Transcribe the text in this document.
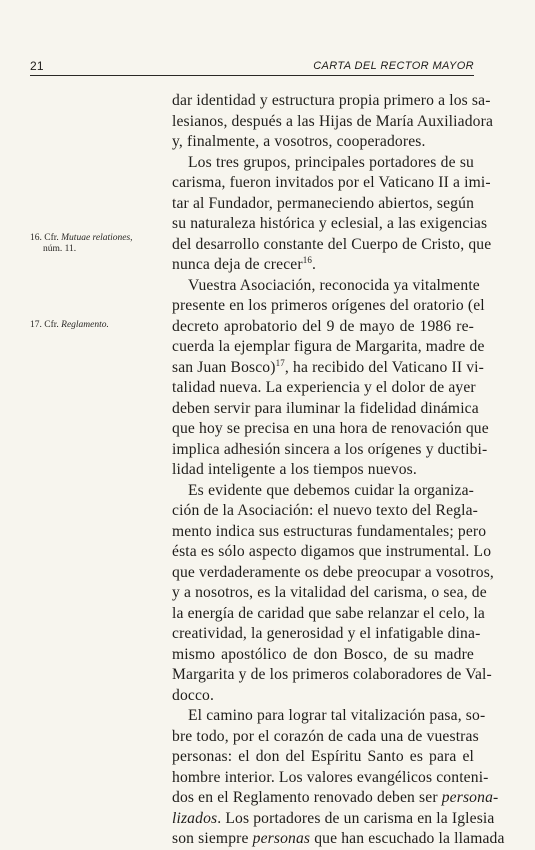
21	CARTA DEL RECTOR MAYOR
16. Cfr. Mutuae relationes,
núm. 11.
17. Cfr. Reglamento.
dar identidad y estructura propia primero a los sa-
lesianos, después a las Hijas de María Auxiliadora
y, finalmente, a vosotros, cooperadores.
Los tres grupos, principales portadores de su
carisma, fueron invitados por el Vaticano II a imi-
tar al Fundador, permaneciendo abiertos, según
su naturaleza histórica y eclesial, a las exigencias
del desarrollo constante del Cuerpo de Cristo, que
nunca deja de crecer$^{16}$.
Vuestra Asociación, reconocida ya vitalmente
presente en los primeros orígenes del oratorio (el
decreto aprobatorio del 9 de mayo de 1986 re-
cuerda la ejemplar figura de Margarita, madre de
san Juan Bosco)$^{17}$, ha recibido del Vaticano II vi-
talidad nueva. La experiencia y el dolor de ayer
deben servir para iluminar la fidelidad dinámica
que hoy se precisa en una hora de renovación que
implica adhesión sincera a los orígenes y ductibi-
lidad inteligente a los tiempos nuevos.
Es evidente que debemos cuidar la organiza-
ción de la Asociación: el nuevo texto del Regla-
mento indica sus estructuras fundamentales; pero
ésta es sólo aspecto digamos que instrumental. Lo
que verdaderamente os debe preocupar a vosotros,
y a nosotros, es la vitalidad del carisma, o sea, de
la energía de caridad que sabe relanzar el celo, la
creatividad, la generosidad y el infatigable dina-
mismo apostólico de don Bosco, de su madre
Margarita y de los primeros colaboradores de Val-
docco.
El camino para lograr tal vitalización pasa, so-
bre todo, por el corazón de cada una de vuestras
personas: el don del Espíritu Santo es para el
hombre interior. Los valores evangélicos conteni-
dos en el Reglamento renovado deben ser persona-
lizados. Los portadores de un carisma en la Iglesia
son siempre personas que han escuchado la llamada
